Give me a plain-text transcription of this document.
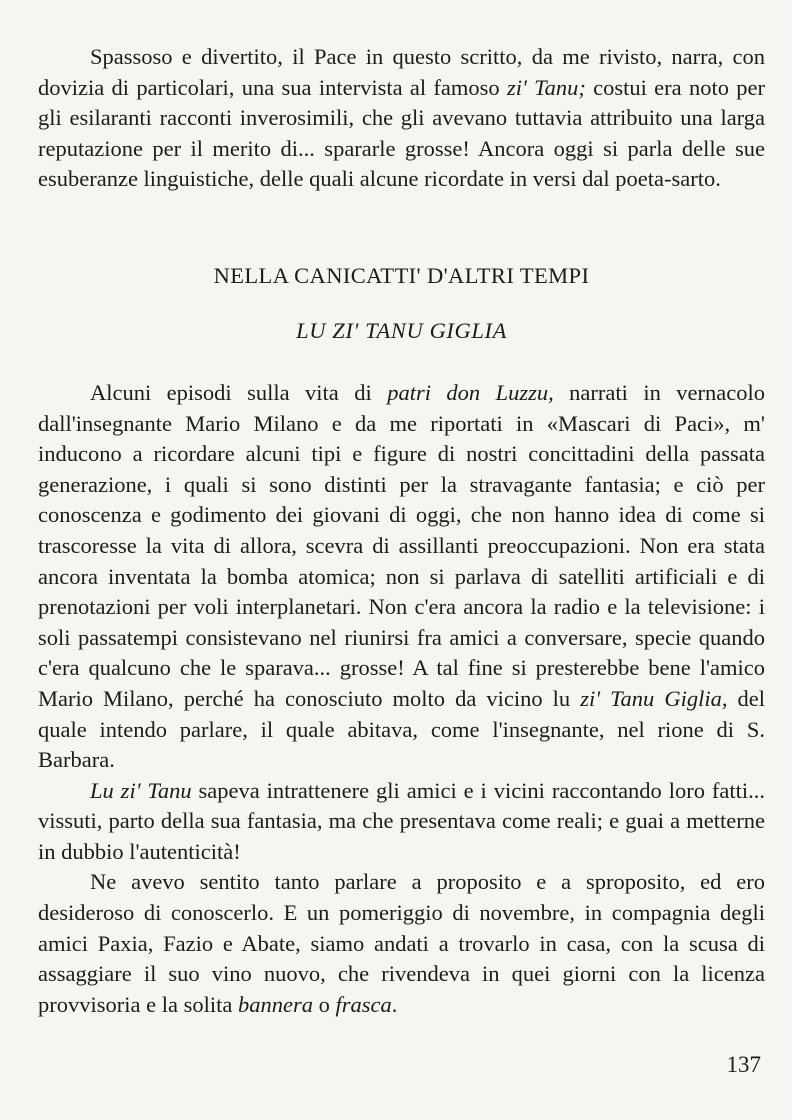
Spassoso e divertito, il Pace in questo scritto, da me rivisto, narra, con dovizia di particolari, una sua intervista al famoso zi' Tanu; costui era noto per gli esilaranti racconti inverosimili, che gli avevano tuttavia attribuito una larga reputazione per il merito di... spararle grosse! Ancora oggi si parla delle sue esuberanze linguistiche, delle quali alcune ricordate in versi dal poeta-sarto.

NELLA CANICATTI' D'ALTRI TEMPI
LU ZI' TANU GIGLIA

Alcuni episodi sulla vita di patri don Luzzu, narrati in vernacolo dall'insegnante Mario Milano e da me riportati in «Mascari di Paci», m' inducono a ricordare alcuni tipi e figure di nostri concittadini della passata generazione, i quali si sono distinti per la stravagante fantasia; e ciò per conoscenza e godimento dei giovani di oggi, che non hanno idea di come si trascoresse la vita di allora, scevra di assillanti preoccupazioni. Non era stata ancora inventata la bomba atomica; non si parlava di satelliti artificiali e di prenotazioni per voli interplanetari. Non c'era ancora la radio e la televisione: i soli passatempi consistevano nel riunirsi fra amici a conversare, specie quando c'era qualcuno che le sparava... grosse! A tal fine si presterebbe bene l'amico Mario Milano, perché ha conosciuto molto da vicino lu zi' Tanu Giglia, del quale intendo parlare, il quale abitava, come l'insegnante, nel rione di S. Barbara.

Lu zi' Tanu sapeva intrattenere gli amici e i vicini raccontando loro fatti... vissuti, parto della sua fantasia, ma che presentava come reali; e guai a metterne in dubbio l'autenticità!

Ne avevo sentito tanto parlare a proposito e a sproposito, ed ero desideroso di conoscerlo. E un pomeriggio di novembre, in compagnia degli amici Paxia, Fazio e Abate, siamo andati a trovarlo in casa, con la scusa di assaggiare il suo vino nuovo, che rivendeva in quei giorni con la licenza provvisoria e la solita bannera o frasca.

137
